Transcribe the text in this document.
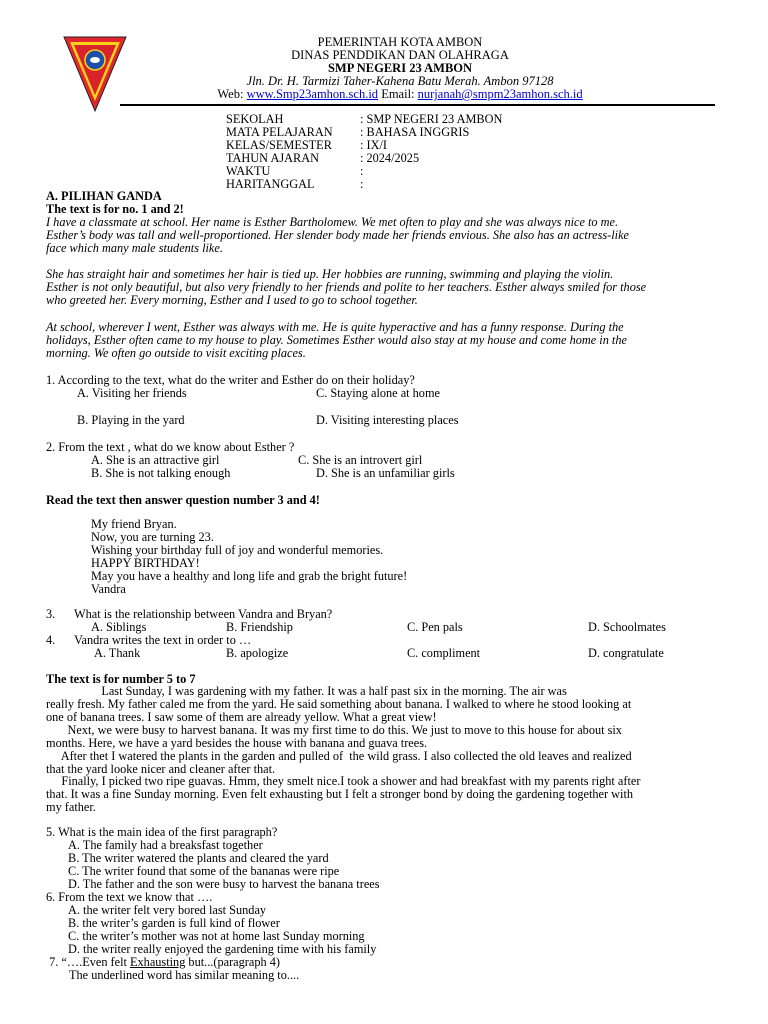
PEMERINTAH KOTA AMBON
DINAS PENDDIKAN DAN OLAHRAGA
SMP NEGERI 23 AMBON
Jln. Dr. H. Tarmizi Taher-Kahena Batu Merah. Ambon 97128
Web: www.Smp23amhon.sch.id Email: nurjanah@smpm23amhon.sch.id
SEKOLAH	: SMP NEGERI 23 AMBON
MATA PELAJARAN : BAHASA INGGRIS
KELAS/SEMESTER : IX/I
TAHUN AJARAN	: 2024/2025
WAKTU	:
HARITANGGAL	:
A. PILIHAN GANDA
The text is for no. 1 and 2!
I have a classmate at school. Her name is Esther Bartholomew. We met often to play and she was always nice to me.
Esther’s body was tall and well-proportioned. Her slender body made her friends envious. She also has an actress-like
face which many male students like.
She has straight hair and sometimes her hair is tied up. Her hobbies are running, swimming and playing the violin.
Esther is not only beautiful, but also very friendly to her friends and polite to her teachers. Esther always smiled for those
who greeted her. Every morning, Esther and I used to go to school together.
At school, wherever I went, Esther was always with me. He is quite hyperactive and has a funny response. During the
holidays, Esther often came to my house to play. Sometimes Esther would also stay at my house and come home in the
morning. We often go outside to visit exciting places.
1. According to the text, what do the writer and Esther do on their holiday?
A. Visiting her friends	C. Staying alone at home
B. Playing in the yard	D. Visiting interesting places
2. From the text , what do we know about Esther ?
A. She is an attractive girl	C. She is an introvert girl
B. She is not talking enough	D. She is an unfamiliar girls
Read the text then answer question number 3 and 4!
My friend Bryan.
Now, you are turning 23.
Wishing your birthday full of joy and wonderful memories.
HAPPY BIRTHDAY!
May you have a healthy and long life and grab the bright future!
Vandra
3. What is the relationship between Vandra and Bryan?
A. Siblings	B. Friendship	C. Pen pals	D. Schoolmates
4. Vandra writes the text in order to …
A. Thank	B. apologize	C. compliment	D. congratulate
The text is for number 5 to 7
Last Sunday, I was gardening with my father. It was a half past six in the morning. The air was
really fresh. My father caled me from the yard. He said something about banana. I walked to where he stood looking at
one of banana trees. I saw some of them are already yellow. What a great view!
Next, we were busy to harvest banana. It was my first time to do this. We just to move to this house for about six
months. Here, we have a yard besides the house with banana and guava trees.
After thet I watered the plants in the garden and pulled of  the wild grass. I also collected the old leaves and realized
that the yard looke nicer and cleaner after that.
Finally, I picked two ripe guavas. Hmm, they smelt nice.I took a shower and had breakfast with my parents right after
that. It was a fine Sunday morning. Even felt exhausting but I felt a stronger bond by doing the gardening together with
my father.
5. What is the main idea of the first paragraph?
A. The family had a breaksfast together
B. The writer watered the plants and cleared the yard
C. The writer found that some of the bananas were ripe
D. The father and the son were busy to harvest the banana trees
6. From the text we know that ….
A. the writer felt very bored last Sunday
B. the writer’s garden is full kind of flower
C. the writer’s mother was not at home last Sunday morning
D. the writer really enjoyed the gardening time with his family
7. “….Even felt Exhausting but...(paragraph 4)
The underlined word has similar meaning to....
